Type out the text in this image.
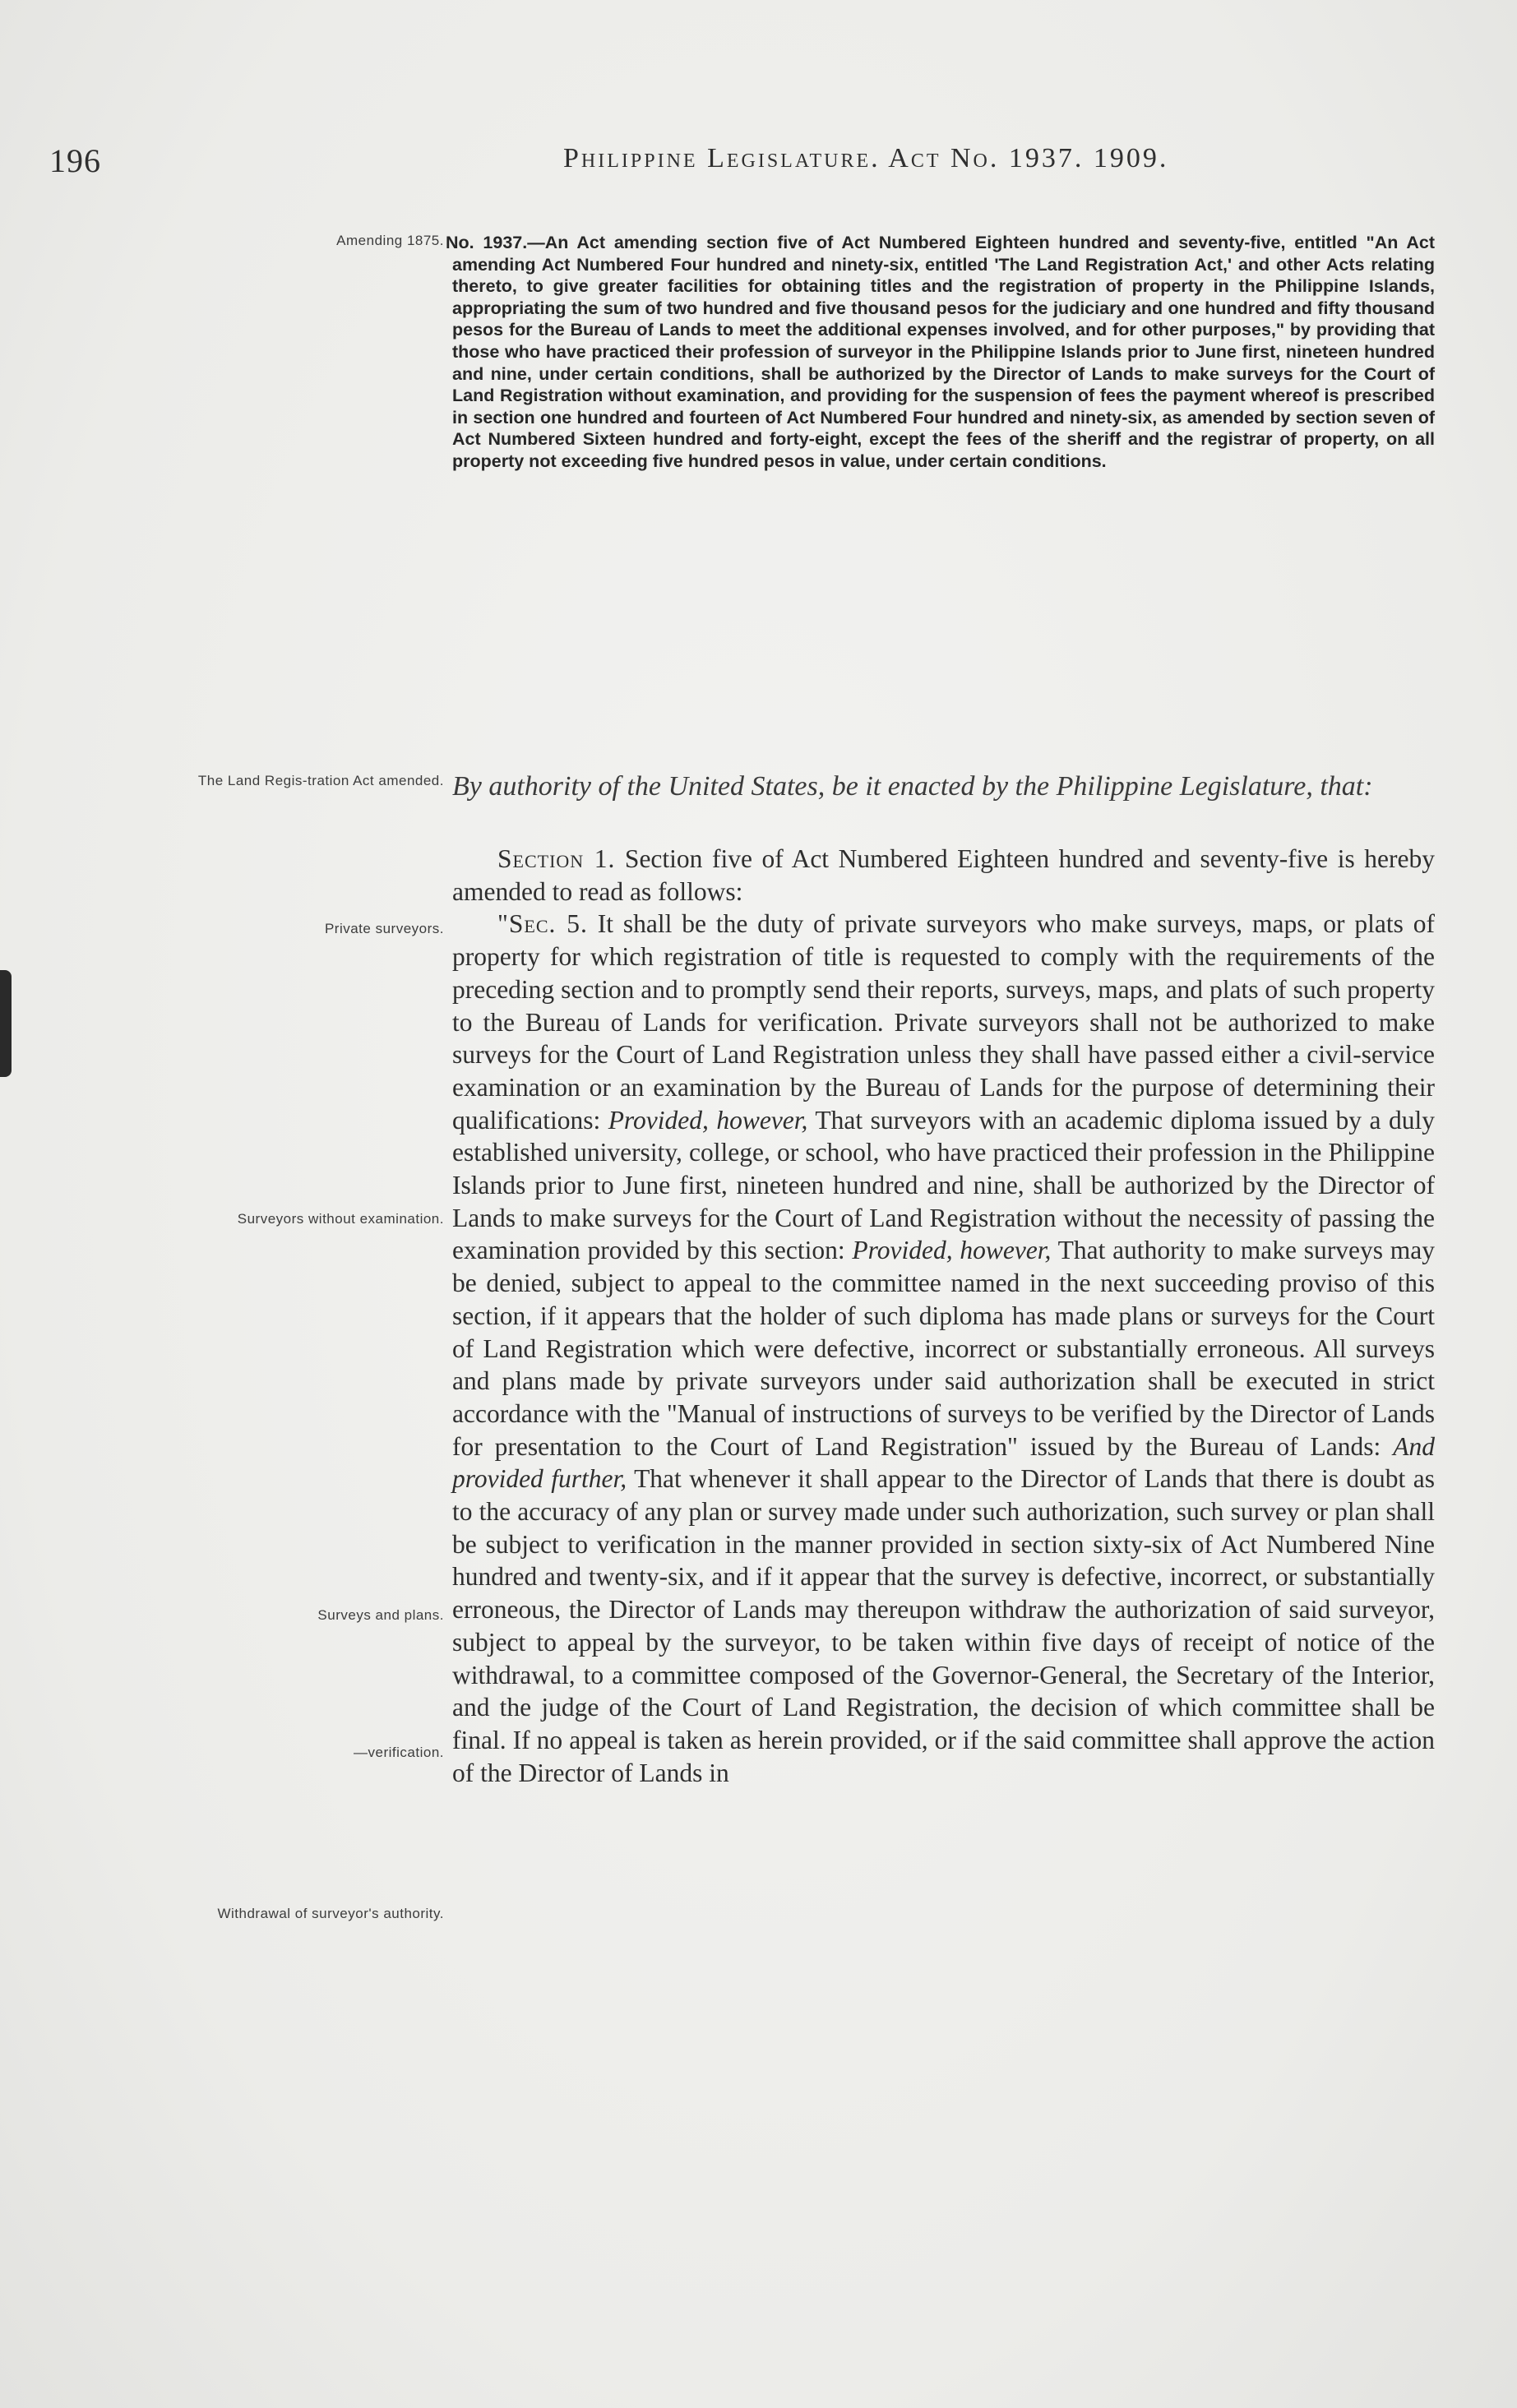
196	Philippine Legislature. Act No. 1937. 1909.
Amending 1875.
The Land Regis-tration Act amended.
Private surveyors.
Surveyors without examination.
Surveys and plans.
—verification.
Withdrawal of surveyor's authority.
No. 1937.—An Act amending section five of Act Numbered Eighteen hundred and seventy-five, entitled "An Act amending Act Numbered Four hundred and ninety-six, entitled 'The Land Registration Act,' and other Acts relating thereto, to give greater facilities for obtaining titles and the registration of property in the Philippine Islands, appropriating the sum of two hundred and five thousand pesos for the judiciary and one hundred and fifty thousand pesos for the Bureau of Lands to meet the additional expenses involved, and for other purposes," by providing that those who have practiced their profession of surveyor in the Philippine Islands prior to June first, nineteen hundred and nine, under certain conditions, shall be authorized by the Director of Lands to make surveys for the Court of Land Registration without examination, and providing for the suspension of fees the payment whereof is prescribed in section one hundred and fourteen of Act Numbered Four hundred and ninety-six, as amended by section seven of Act Numbered Sixteen hundred and forty-eight, except the fees of the sheriff and the registrar of property, on all property not exceeding five hundred pesos in value, under certain conditions.
By authority of the United States, be it enacted by the Philippine Legislature, that:

Section 1. Section five of Act Numbered Eighteen hundred and seventy-five is hereby amended to read as follows:

"Sec. 5. It shall be the duty of private surveyors who make surveys, maps, or plats of property for which registration of title is requested to comply with the requirements of the preceding section and to promptly send their reports, surveys, maps, and plats of such property to the Bureau of Lands for verification. Private surveyors shall not be authorized to make surveys for the Court of Land Registration unless they shall have passed either a civil-service examination or an examination by the Bureau of Lands for the purpose of determining their qualifications: Provided, however, That surveyors with an academic diploma issued by a duly established university, college, or school, who have practiced their profession in the Philippine Islands prior to June first, nineteen hundred and nine, shall be authorized by the Director of Lands to make surveys for the Court of Land Registration without the necessity of passing the examination provided by this section: Provided, however, That authority to make surveys may be denied, subject to appeal to the committee named in the next succeeding proviso of this section, if it appears that the holder of such diploma has made plans or surveys for the Court of Land Registration which were defective, incorrect or substantially erroneous. All surveys and plans made by private surveyors under said authorization shall be executed in strict accordance with the "Manual of instructions of surveys to be verified by the Director of Lands for presentation to the Court of Land Registration" issued by the Bureau of Lands: And provided further, That whenever it shall appear to the Director of Lands that there is doubt as to the accuracy of any plan or survey made under such authorization, such survey or plan shall be subject to verification in the manner provided in section sixty-six of Act Numbered Nine hundred and twenty-six, and if it appear that the survey is defective, incorrect, or substantially erroneous, the Director of Lands may thereupon withdraw the authorization of said surveyor, subject to appeal by the surveyor, to be taken within five days of receipt of notice of the withdrawal, to a committee composed of the Governor-General, the Secretary of the Interior, and the judge of the Court of Land Registration, the decision of which committee shall be final. If no appeal is taken as herein provided, or if the said committee shall approve the action of the Director of Lands in
